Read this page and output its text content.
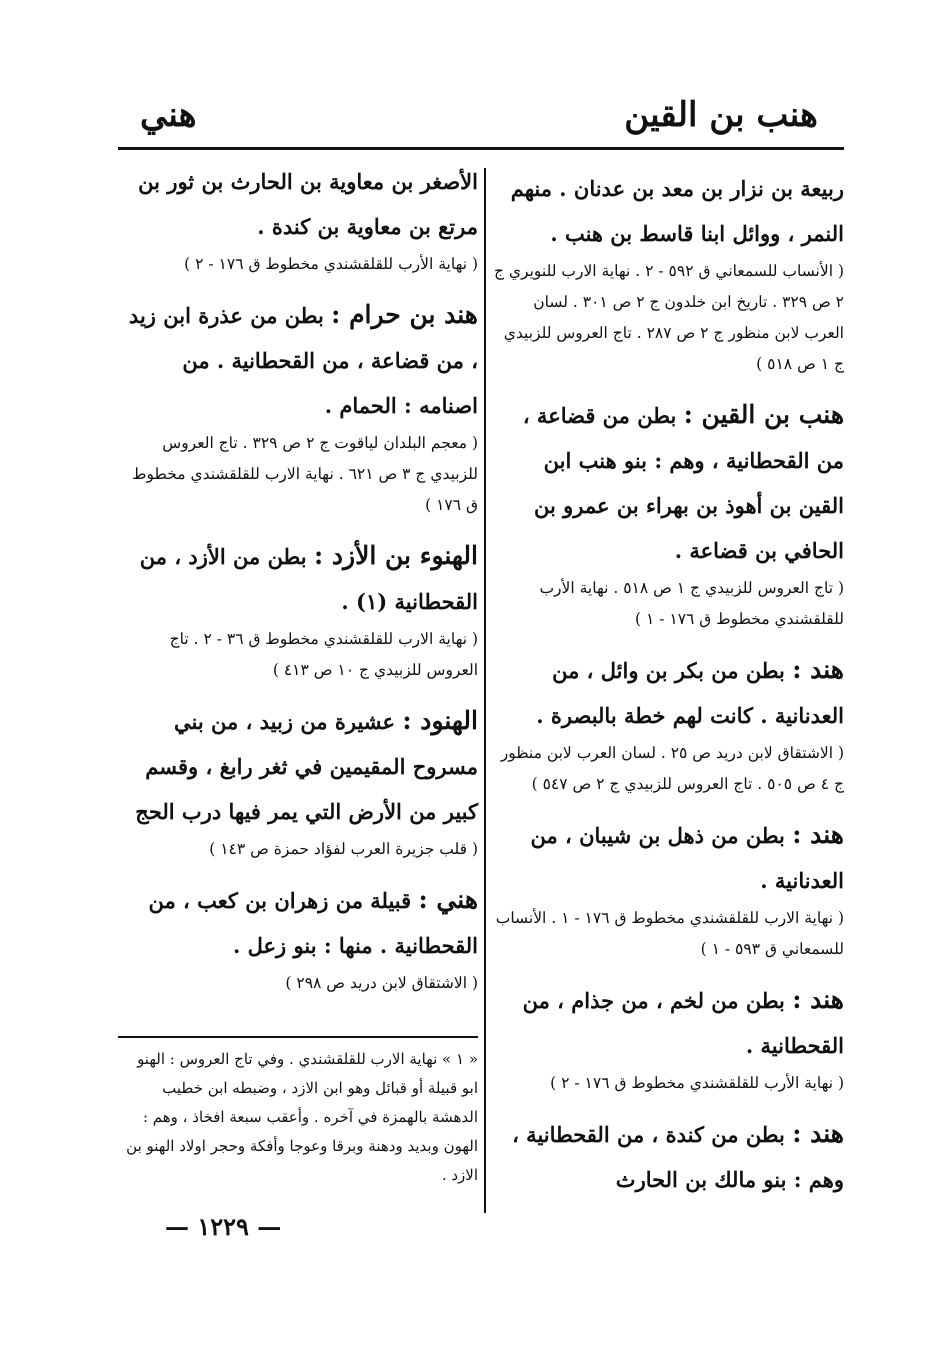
هنب بن القين
هني

ربيعة بن نزار بن معد بن عدنان . منهم النمر ، ووائل ابنا قاسط بن هنب .

( الأنساب للسمعاني ق ٥٩٢ - ٢ . نهاية الارب للنويري ج ٢ ص ٣٢٩ . تاريخ ابن خلدون ج ٢ ص ٣٠١ . لسان العرب لابن منظور ج ٢ ص ٢٨٧ . تاج العروس للزبيدي ج ١ ص ٥١٨ )

هنب بن القين : بطن من قضاعة ، من القحطانية ، وهم : بنو هنب ابن القين بن أهوذ بن بهراء بن عمرو بن الحافي بن قضاعة .

( تاج العروس للزبيدي ج ١ ص ٥١٨ . نهاية الأرب للقلقشندي مخطوط ق ١٧٦ - ١ )

هند : بطن من بكر بن وائل ، من العدنانية . كانت لهم خطة بالبصرة .

( الاشتقاق لابن دريد ص ٢٥ . لسان العرب لابن منظور ج ٤ ص ٥٠٥ . تاج العروس للزبيدي ج ٢ ص ٥٤٧ )

هند : بطن من ذهل بن شيبان ، من العدنانية .

( نهاية الارب للقلقشندي مخطوط ق ١٧٦ - ١ . الأنساب للسمعاني ق ٥٩٣ - ١ )

هند : بطن من لخم ، من جذام ، من القحطانية .

( نهاية الأرب للقلقشندي مخطوط ق ١٧٦ - ٢ )

هند : بطن من كندة ، من القحطانية ، وهم : بنو مالك بن الحارث

الأصغر بن معاوية بن الحارث بن ثور بن مرتع بن معاوية بن كندة .

( نهاية الأرب للقلقشندي مخطوط ق ١٧٦ - ٢ )

هند بن حرام : بطن من عذرة ابن زيد ، من قضاعة ، من القحطانية . من اصنامه : الحمام .

( معجم البلدان لياقوت ج ٢ ص ٣٢٩ . تاج العروس للزبيدي ج ٣ ص ٦٢١ . نهاية الارب للقلقشندي مخطوط ق ١٧٦ )

الهنوء بن الأزد : بطن من الأزد ، من القحطانية (١) .

( نهاية الارب للقلقشندي مخطوط ق ٣٦ - ٢ . تاج العروس للزبيدي ج ١٠ ص ٤١٣ )

الهنود : عشيرة من زبيد ، من بني مسروح المقيمين في ثغر رابغ ، وقسم كبير من الأرض التي يمر فيها درب الحج

( قلب جزيرة العرب لفؤاد حمزة ص ١٤٣ )

هني : قبيلة من زهران بن كعب ، من القحطانية . منها : بنو زعل .

( الاشتقاق لابن دريد ص ٢٩٨ )

« ١ » نهاية الارب للقلقشندي . وفي تاج العروس : الهنو ابو قبيلة أو قبائل وهو ابن الازد ، وضبطه ابن خطيب الدهشة بالهمزة في آخره . وأعقب سبعة افخاذ ، وهم : الهون وبديد ودهنة وبرقا وعوجا وأفكة وحجر اولاد الهنو بن الازد .
— ١٢٢٩ —
